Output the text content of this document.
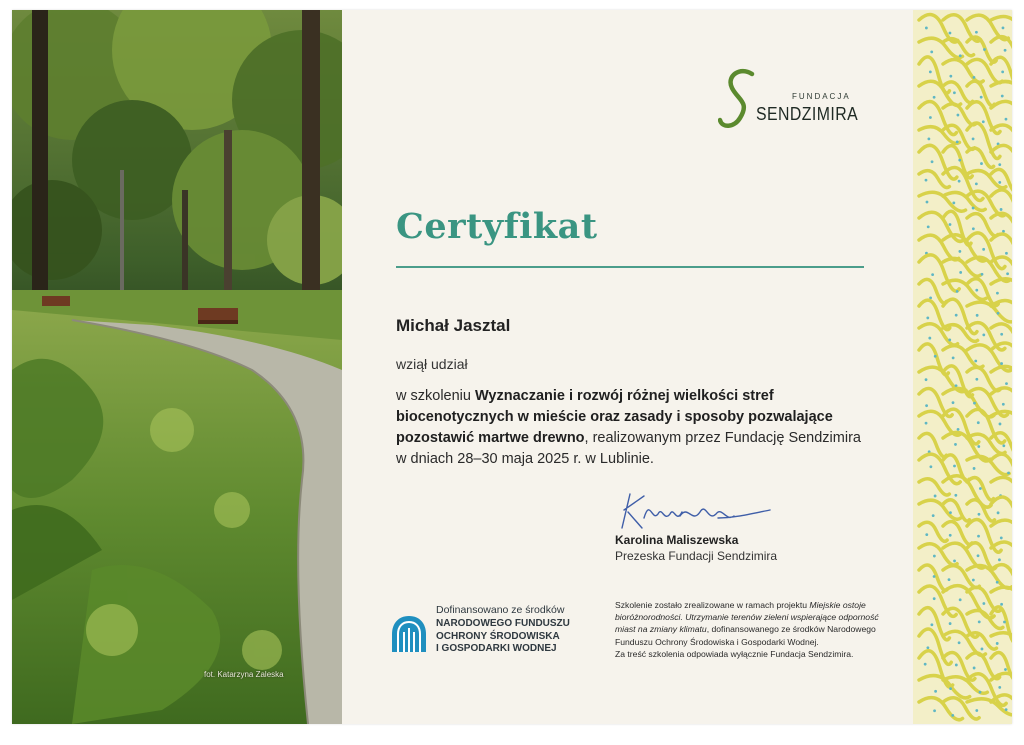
fot. Katarzyna Zaleska
FUNDACJA
SENDZIMIRA
Certyfikat
Michał Jasztal
wziął udział
w szkoleniu Wyznaczanie i rozwój różnej wielkości stref biocenotycznych w mieście oraz zasady i sposoby pozwalające pozostawić martwe drewno, realizowanym przez Fundację Sendzimira w dniach 28–30 maja 2025 r. w Lublinie.
Karolina Maliszewska
Prezeska Fundacji Sendzimira
Dofinansowano ze środków
NARODOWEGO FUNDUSZU
OCHRONY ŚRODOWISKA
I GOSPODARKI WODNEJ
Szkolenie zostało zrealizowane w ramach projektu Miejskie ostoje bioróżnorodności. Utrzymanie terenów zieleni wspierające odporność miast na zmiany klimatu, dofinansowanego ze środków Narodowego Funduszu Ochrony Środowiska i Gospodarki Wodnej.
Za treść szkolenia odpowiada wyłącznie Fundacja Sendzimira.
